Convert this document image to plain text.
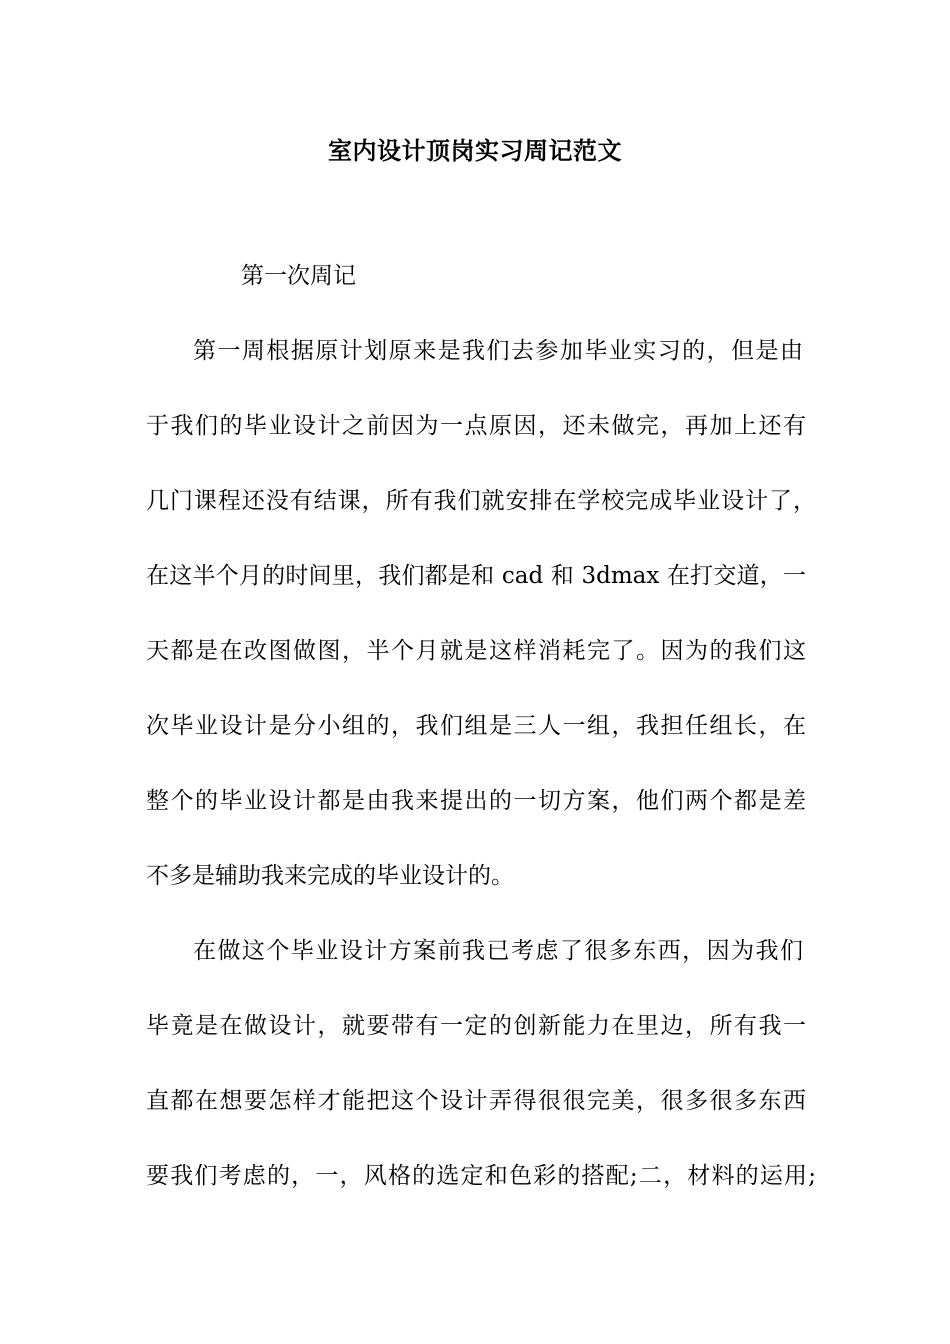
室内设计顶岗实习周记范文
第一次周记
第一周根据原计划原来是我们去参加毕业实习的，但是由
于我们的毕业设计之前因为一点原因，还未做完，再加上还有
几门课程还没有结课，所有我们就安排在学校完成毕业设计了，
在这半个月的时间里，我们都是和 cad 和 3dmax 在打交道，一
天都是在改图做图，半个月就是这样消耗完了。因为的我们这
次毕业设计是分小组的，我们组是三人一组，我担任组长，在
整个的毕业设计都是由我来提出的一切方案，他们两个都是差
不多是辅助我来完成的毕业设计的。
在做这个毕业设计方案前我已考虑了很多东西，因为我们
毕竟是在做设计，就要带有一定的创新能力在里边，所有我一
直都在想要怎样才能把这个设计弄得很很完美，很多很多东西
要我们考虑的，一，风格的选定和色彩的搭配;二，材料的运用;
